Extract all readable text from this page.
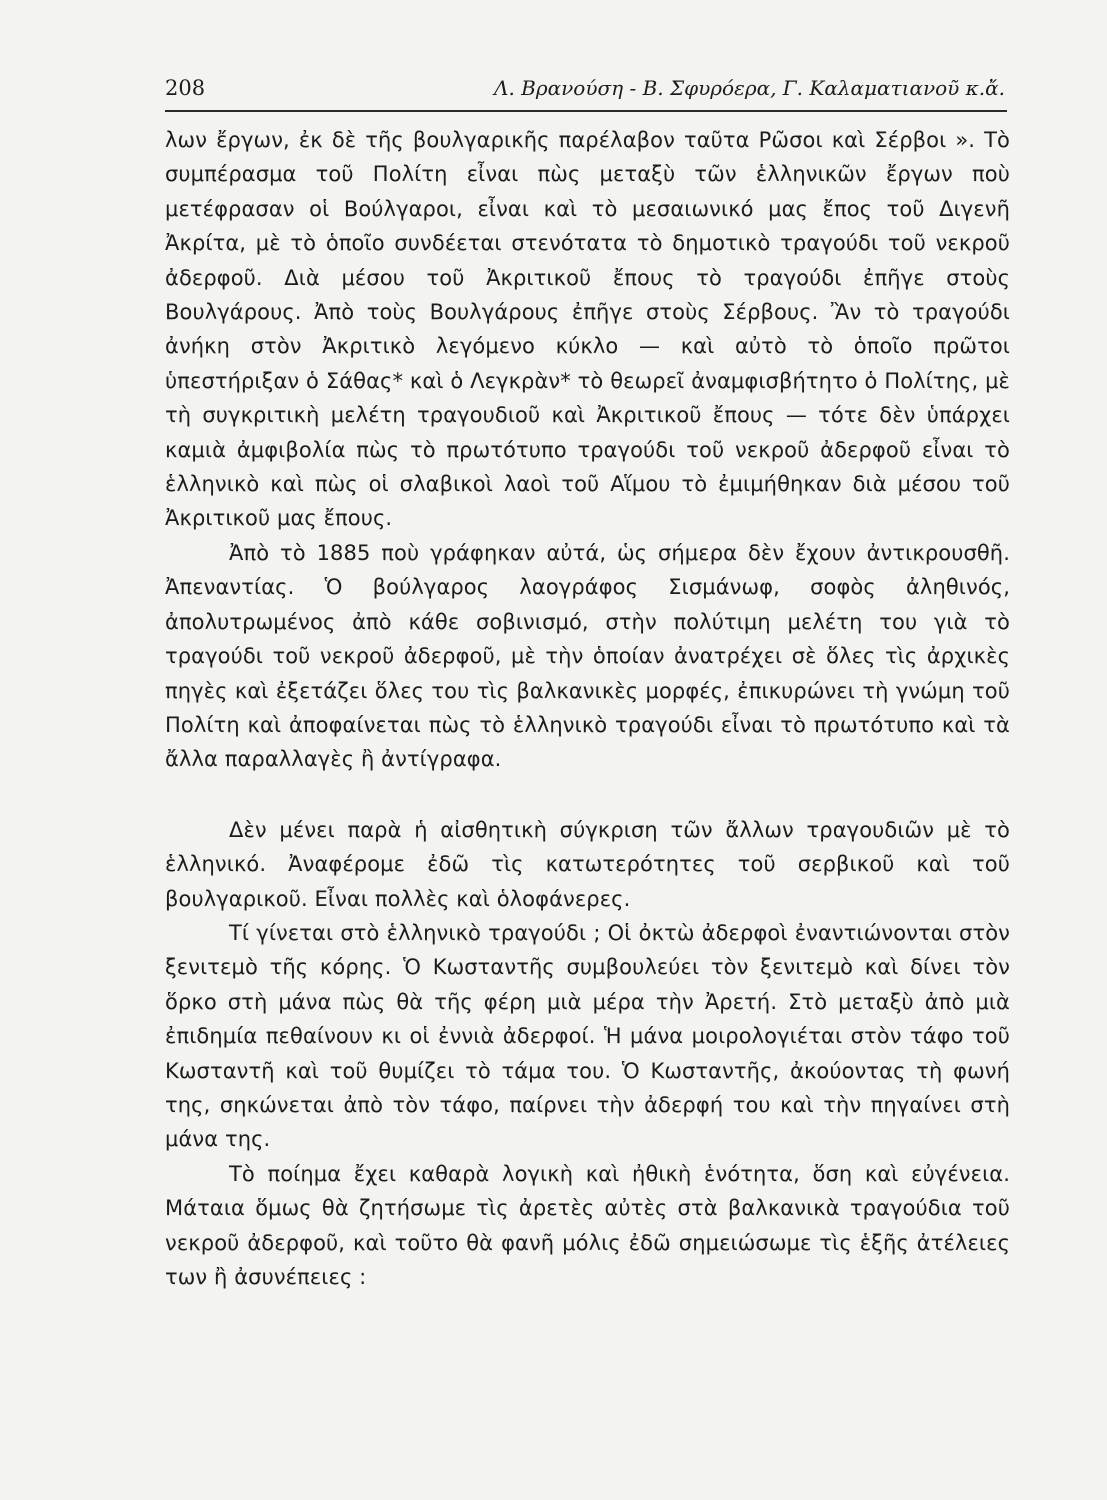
208	Λ. Βρανούση - Β. Σφυρόερα, Γ. Καλαματιανοῦ κ.ἄ.

λων ἔργων, ἐκ δὲ τῆς βουλγαρικῆς παρέλαβον ταῦτα Ρῶσοι καὶ Σέρβοι ». Τὸ συμπέρασμα τοῦ Πολίτη εἶναι πὼς μεταξὺ τῶν ἑλληνικῶν ἔργων ποὺ μετέφρασαν οἱ Βούλγαροι, εἶναι καὶ τὸ μεσαιωνικό μας ἔπος τοῦ Διγενῆ Ἀκρίτα, μὲ τὸ ὁποῖο συνδέεται στενότατα τὸ δημοτικὸ τραγούδι τοῦ νεκροῦ ἀδερφοῦ. Διὰ μέσου τοῦ Ἀκριτικοῦ ἔπους τὸ τραγούδι ἐπῆγε στοὺς Βουλγάρους. Ἀπὸ τοὺς Βουλγάρους ἐπῆγε στοὺς Σέρβους. Ἂν τὸ τραγούδι ἀνήκη στὸν Ἀκριτικὸ λεγόμενο κύκλο — καὶ αὐτὸ τὸ ὁποῖο πρῶτοι ὑπεστήριξαν ὁ Σάθας* καὶ ὁ Λεγκρὰν* τὸ θεωρεῖ ἀναμφισβήτητο ὁ Πολίτης, μὲ τὴ συγκριτικὴ μελέτη τραγουδιοῦ καὶ Ἀκριτικοῦ ἔπους — τότε δὲν ὑπάρχει καμιὰ ἀμφιβολία πὼς τὸ πρωτότυπο τραγούδι τοῦ νεκροῦ ἀδερφοῦ εἶναι τὸ ἑλληνικὸ καὶ πὼς οἱ σλαβικοὶ λαοὶ τοῦ Αἵμου τὸ ἐμιμήθηκαν διὰ μέσου τοῦ Ἀκριτικοῦ μας ἔπους.

Ἀπὸ τὸ 1885 ποὺ γράφηκαν αὐτά, ὡς σήμερα δὲν ἔχουν ἀντικρουσθῆ. Ἀπεναντίας. Ὁ βούλγαρος λαογράφος Σισμάνωφ, σοφὸς ἀληθινός, ἀπολυτρωμένος ἀπὸ κάθε σοβινισμό, στὴν πολύτιμη μελέτη του γιὰ τὸ τραγούδι τοῦ νεκροῦ ἀδερφοῦ, μὲ τὴν ὁποίαν ἀνατρέχει σὲ ὅλες τὶς ἀρχικὲς πηγὲς καὶ ἐξετάζει ὅλες του τὶς βαλκανικὲς μορφές, ἐπικυρώνει τὴ γνώμη τοῦ Πολίτη καὶ ἀποφαίνεται πὼς τὸ ἑλληνικὸ τραγούδι εἶναι τὸ πρωτότυπο καὶ τὰ ἄλλα παραλλαγὲς ἢ ἀντίγραφα.

Δὲν μένει παρὰ ἡ αἰσθητικὴ σύγκριση τῶν ἄλλων τραγουδιῶν μὲ τὸ ἑλληνικό. Ἀναφέρομε ἐδῶ τὶς κατωτερότητες τοῦ σερβικοῦ καὶ τοῦ βουλγαρικοῦ. Εἶναι πολλὲς καὶ ὁλοφάνερες.

Τί γίνεται στὸ ἑλληνικὸ τραγούδι ; Οἱ ὀκτὼ ἀδερφοὶ ἐναντιώνονται στὸν ξενιτεμὸ τῆς κόρης. Ὁ Κωσταντῆς συμβουλεύει τὸν ξενιτεμὸ καὶ δίνει τὸν ὅρκο στὴ μάνα πὼς θὰ τῆς φέρη μιὰ μέρα τὴν Ἀρετή. Στὸ μεταξὺ ἀπὸ μιὰ ἐπιδημία πεθαίνουν κι οἱ ἐννιὰ ἀδερφοί. Ἡ μάνα μοιρολογιέται στὸν τάφο τοῦ Κωσταντῆ καὶ τοῦ θυμίζει τὸ τάμα του. Ὁ Κωσταντῆς, ἀκούοντας τὴ φωνή της, σηκώνεται ἀπὸ τὸν τάφο, παίρνει τὴν ἀδερφή του καὶ τὴν πηγαίνει στὴ μάνα της.

Τὸ ποίημα ἔχει καθαρὰ λογικὴ καὶ ἠθικὴ ἑνότητα, ὅση καὶ εὐγένεια. Μάταια ὅμως θὰ ζητήσωμε τὶς ἀρετὲς αὐτὲς στὰ βαλκανικὰ τραγούδια τοῦ νεκροῦ ἀδερφοῦ, καὶ τοῦτο θὰ φανῆ μόλις ἐδῶ σημειώσωμε τὶς ἑξῆς ἀτέλειες των ἢ ἀσυνέπειες :
